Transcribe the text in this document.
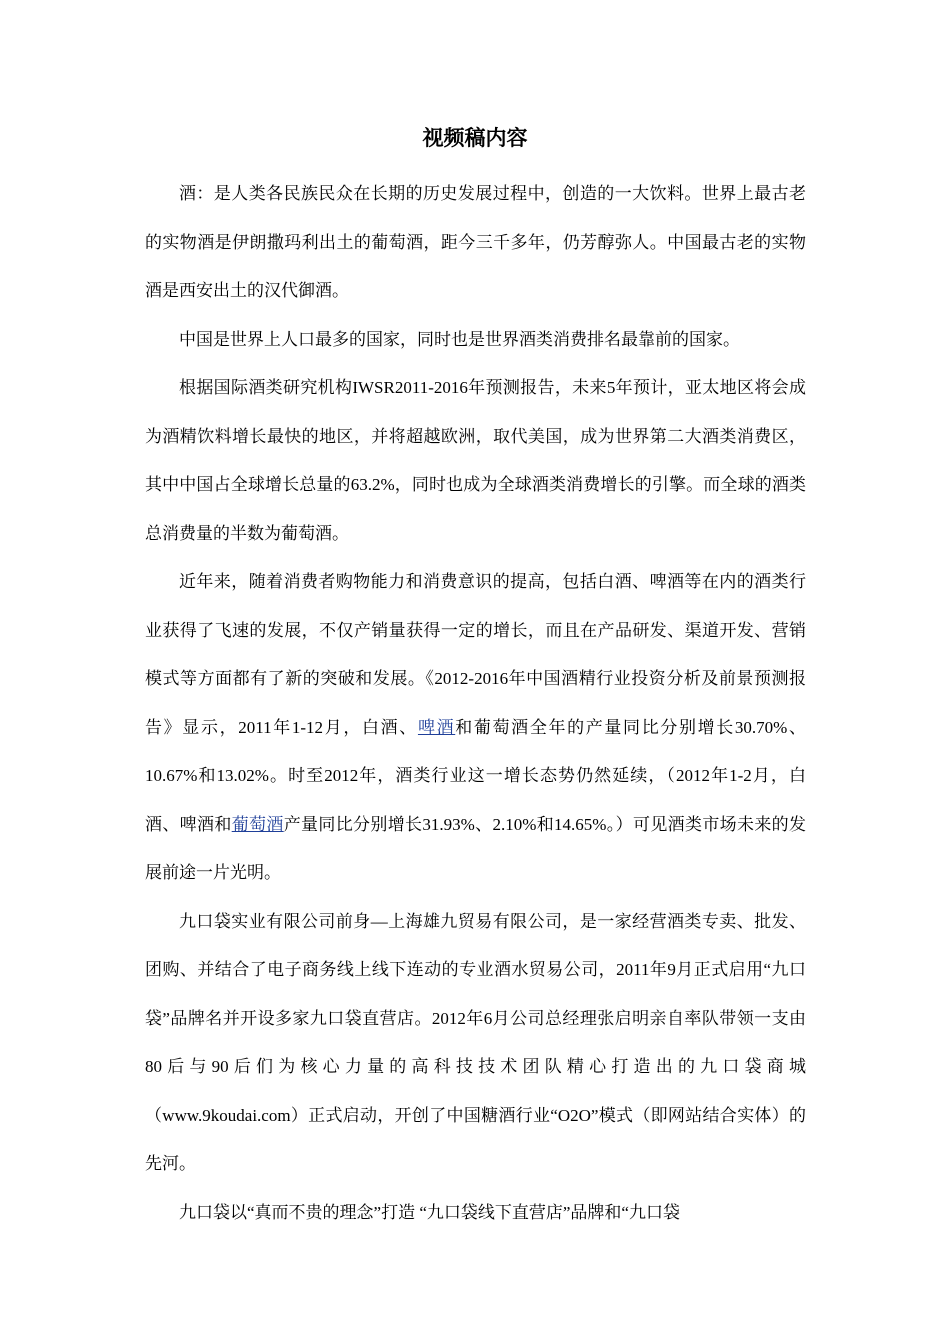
视频稿内容

酒：是人类各民族民众在长期的历史发展过程中，创造的一大饮料。世界上最古老的实物酒是伊朗撒玛利出土的葡萄酒，距今三千多年，仍芳醇弥人。中国最古老的实物酒是西安出土的汉代御酒。

中国是世界上人口最多的国家，同时也是世界酒类消费排名最靠前的国家。

根据国际酒类研究机构IWSR2011-2016年预测报告，未来5年预计，亚太地区将会成为酒精饮料增长最快的地区，并将超越欧洲，取代美国，成为世界第二大酒类消费区，其中中国占全球增长总量的63.2%，同时也成为全球酒类消费增长的引擎。而全球的酒类总消费量的半数为葡萄酒。

近年来，随着消费者购物能力和消费意识的提高，包括白酒、啤酒等在内的酒类行业获得了飞速的发展，不仅产销量获得一定的增长，而且在产品研发、渠道开发、营销模式等方面都有了新的突破和发展。《2012-2016年中国酒精行业投资分析及前景预测报告》显示，2011年1-12月，白酒、啤酒和葡萄酒全年的产量同比分别增长30.70%、10.67%和13.02%。时至2012年，酒类行业这一增长态势仍然延续，（2012年1-2月，白酒、啤酒和葡萄酒产量同比分别增长31.93%、2.10%和14.65%。）可见酒类市场未来的发展前途一片光明。

九口袋实业有限公司前身—上海雄九贸易有限公司，是一家经营酒类专卖、批发、团购、并结合了电子商务线上线下连动的专业酒水贸易公司，2011年9月正式启用“九口袋”品牌名并开设多家九口袋直营店。2012年6月公司总经理张启明亲自率队带领一支由80后与90后们为核心力量的高科技技术团队精心打造出的九口袋商城（www.9koudai.com）正式启动，开创了中国糖酒行业“O2O”模式（即网站结合实体）的先河。

九口袋以“真而不贵的理念”打造 “九口袋线下直营店”品牌和“九口袋
